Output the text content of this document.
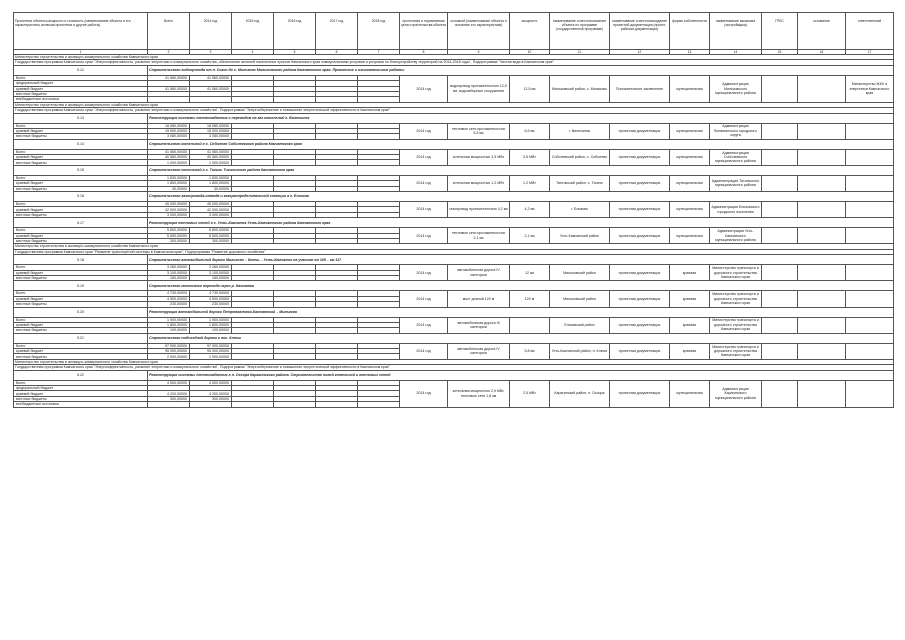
Проектные объекты,мощности и стоимость (наименование объекта и его характеристики, включая проектные и другие работы)	Всего	2014 год	2015 год	2016 год	2017 год	2018 год	прогнозная и нормативная цена строительства объекта	основной (наименование объекта и основные его характеристики)	мощность	наименование и местоположение объекта по программе (государственной программе)	наименование и местонахождение проектной документации (проект, рабочая документация)	форма собственности	наименование заказчика (застройщика)	ГРБС	основание	ответственный
1	2	3	4	5	6	7	8	9	10	11	12	13	14	15	16	17
Министерство строительства и жилищно-коммунального хозяйства Камчатского края																
Государственная программа Камчатского края "Энергоэффективность, развитие энергетики и коммунального хозяйства, обеспечение жителей населенных пунктов Камчатского края коммунальными услугами и услугами по благоустройству территорий на 2014-2018 годы", Подпрограмма "Чистая вода в Камчатском крае"																
5.12	Строительство водопровода от п. Сокоч до с. Мильково Мильковского района Камчатского края. Проектные и изыскательские работы															
Всего	41 560,00000	41 560,00000					2014 год	водопровод протяженностью 12,5 км, водозаборные сооружения	12,5 км	Мильковский район, с. Мильково	Положительное заключение	муниципальная	Администрация Мильковского муниципального района			Министерство ЖКХ и энергетики Камчатского края
федеральный бюджет																
краевой бюджет	41 560,00000	41 560,00000														
местные бюджеты																
внебюджетные источники																
Министерство строительства и жилищно-коммунального хозяйства Камчатского края																
Государственная программа Камчатского края "Энергоэффективность, развитие энергетики и коммунального хозяйства", Подпрограмма "Энергосбережение и повышение энергетической эффективности в Камчатском крае"																
5.13	Реконструкция системы теплоснабжения с переводом на газ котельной г. Вилючинск															
Всего	18 080,00000	18 080,00000					2014 год	тепловые сети протяженностью 6,5 км	6,5 км	г. Вилючинск	проектная документация	муниципальная	Администрация Вилючинского городского округа			
краевой бюджет	15 000,00000	15 000,00000														
местные бюджеты	3 080,00000	3 080,00000														
5.14	Строительство котельной в с. Соболево Соболевского района Камчатского края															
Всего	41 560,00000	41 560,00000					2014 год	котельная мощностью 3,5 МВт	3,5 МВт	Соболевский район, с. Соболево	проектная документация	муниципальная	Администрация Соболевского муниципального района			
краевой бюджет	40 560,00000	40 560,00000														
местные бюджеты	1 000,00000	1 000,00000														
5.15	Строительство котельной в с. Тигиль Тигильского района Камчатского края															
Всего	1 830,00000	1 830,00000					2014 год	котельная мощностью 1,2 МВт	1,2 МВт	Тигильский район, с. Тигиль	проектная документация	муниципальная	Администрация Тигильского муниципального района			
краевой бюджет	1 800,00000	1 800,00000														
местные бюджеты	30,00000	30,00000														
5.16	Строительство газопровода-отвода и газораспределительной станции в г. Елизово															
Всего	45 000,00000	45 000,00000					2014 год	газопровод протяженностью 4,2 км	4,2 км	г. Елизово	проектная документация	муниципальная	Администрация Елизовского городского поселения			
краевой бюджет	42 000,00000	42 000,00000														
местные бюджеты	3 000,00000	3 000,00000														
5.17	Реконструкция тепловых сетей в с. Усть-Камчатск Усть-Камчатского района Камчатского края															
Всего	5 800,00000	5 800,00000					2014 год	тепловые сети протяженностью 2,1 км	2,1 км	Усть-Камчатский район	проектная документация	муниципальная	Администрация Усть-Камчатского муниципального района			
краевой бюджет	5 500,00000	5 500,00000														
местные бюджеты	300,00000	300,00000														
Министерство строительства и жилищно-коммунального хозяйства Камчатского края																
Государственная программа Камчатского края "Развитие транспортной системы в Камчатском крае", Подпрограмма "Развитие дорожного хозяйства"																
5.18	Строительство автомобильной дороги Мильково – Ключи – Усть-Камчатск на участке км 105 – км 117															
Всего	3 260,00000	3 260,00000					2014 год	автомобильная дорога IV категории	12 км	Мильковский район	проектная документация	краевая	Министерство транспорта и дорожного строительства Камчатского края			
краевой бюджет	3 100,00000	3 100,00000														
местные бюджеты	160,00000	160,00000														
5.19	Строительство мостового перехода через р. Камчатка															
Всего	4 730,00000	4 730,00000					2014 год	мост длиной 120 м	120 м	Мильковский район	проектная документация	краевая	Министерство транспорта и дорожного строительства Камчатского края			
краевой бюджет	4 500,00000	4 500,00000														
местные бюджеты	230,00000	230,00000														
5.20	Реконструкция автомобильной дороги Петропавловск-Камчатский – Мильково															
Всего	1 900,00000	1 900,00000					2014 год	автомобильная дорога III категории		Елизовский район	проектная документация	краевая	Министерство транспорта и дорожного строительства Камчатского края			
краевой бюджет	1 800,00000	1 800,00000														
местные бюджеты	100,00000	100,00000														
5.21	Строительство подъездной дороги к пос. Ключи															
Всего	97 000,00000	97 000,00000					2014 год	автомобильная дорога IV категории	5,8 км	Усть-Камчатский район, п. Ключи	проектная документация	краевая	Министерство транспорта и дорожного строительства Камчатского края			
краевой бюджет	95 000,00000	95 000,00000														
местные бюджеты	2 000,00000	2 000,00000														
Министерство строительства и жилищно-коммунального хозяйства Камчатского края																
Государственная программа Камчатского края "Энергоэффективность, развитие энергетики и коммунального хозяйства", Подпрограмма "Энергосбережение и повышение энергетической эффективности в Камчатском крае"																
5.22	Реконструкция системы теплоснабжения в п. Оссора Карагинского района. Строительство новой котельной и тепловых сетей															
Всего	4 500,00000	4 500,00000					2014 год	котельная мощностью 2,5 МВт, тепловые сети 1,8 км	2,5 МВт	Карагинский район, п. Оссора	проектная документация	муниципальная	Администрация Карагинского муниципального района			
федеральный бюджет																
краевой бюджет	4 200,00000	4 200,00000														
местные бюджеты	300,00000	300,00000														
внебюджетные источники																
